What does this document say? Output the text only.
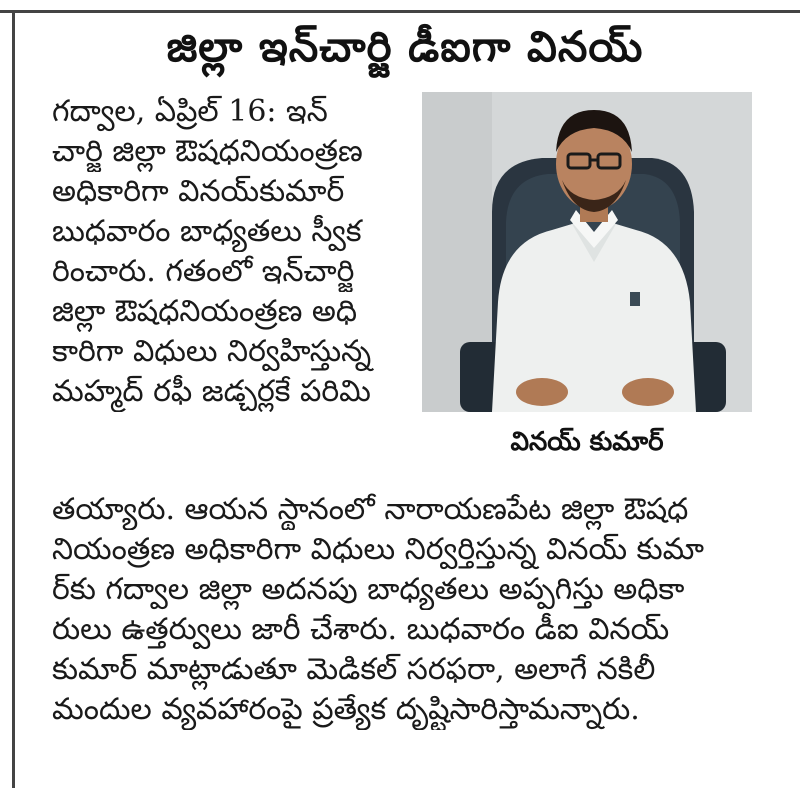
జిల్లా ఇన్‌చార్జి డీఐగా వినయ్
గద్వాల, ఏప్రిల్ 16: ఇన్
చార్జి జిల్లా ఔషధనియంత్రణ
అధికారిగా వినయ్‌కుమార్
బుధవారం బాధ్యతలు స్వీక
రించారు. గతంలో ఇన్‌చార్జి
జిల్లా ఔషధనియంత్రణ అధి
కారిగా విధులు నిర్వహిస్తున్న
మహ్మద్ రఫీ జడ్చర్లకే పరిమి
వినయ్ కుమార్
తయ్యారు. ఆయన స్థానంలో నారాయణపేట జిల్లా ఔషధ
నియంత్రణ అధికారిగా విధులు నిర్వర్తిస్తున్న వినయ్ కుమా
ర్‌కు గద్వాల జిల్లా అదనపు బాధ్యతలు అప్పగిస్తు అధికా
రులు ఉత్తర్వులు జారీ చేశారు. బుధవారం డీఐ వినయ్
కుమార్ మాట్లాడుతూ మెడికల్ సరఫరా, అలాగే నకిలీ
మందుల వ్యవహారంపై ప్రత్యేక దృష్టిసారిస్తామన్నారు.
